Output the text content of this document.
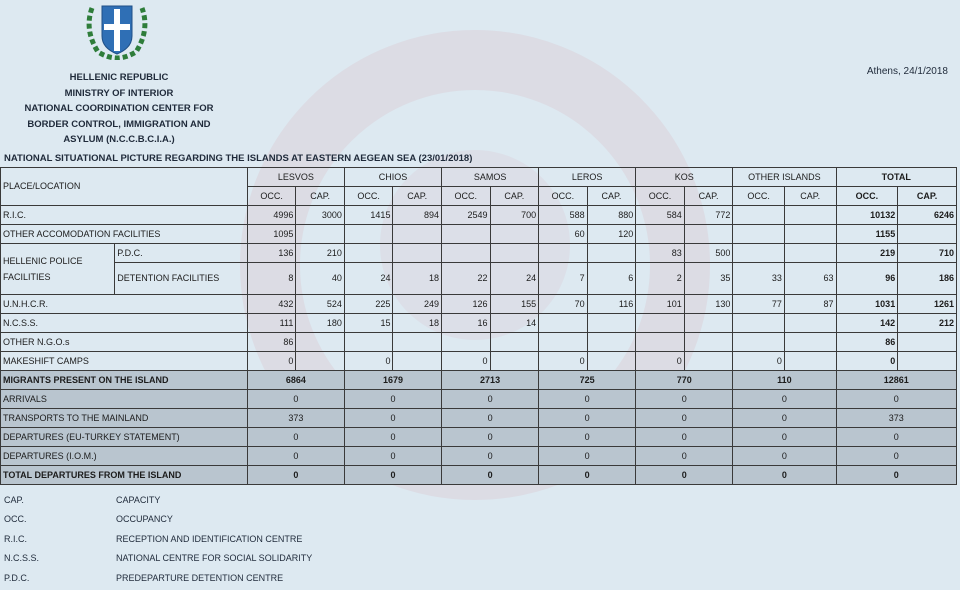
HELLENIC REPUBLIC
MINISTRY OF INTERIOR
NATIONAL COORDINATION CENTER FOR
BORDER CONTROL, IMMIGRATION AND
ASYLUM (N.C.C.B.C.I.A.)
Athens, 24/1/2018
NATIONAL SITUATIONAL PICTURE REGARDING THE ISLANDS AT EASTERN AEGEAN SEA (23/01/2018)
PLACE/LOCATION		LESVOS		CHIOS		SAMOS		LEROS		KOS		OTHER ISLANDS		TOTAL	
		OCC.	CAP.	OCC.	CAP.	OCC.	CAP.	OCC.	CAP.	OCC.	CAP.	OCC.	CAP.	OCC.	CAP.
R.I.C.		4996	3000	1415	894	2549	700	588	880	584	772			10132	6246
OTHER ACCOMODATION FACILITIES		1095						60	120					1155	
HELLENIC POLICE FACILITIES	P.D.C.	136	210							83	500			219	710
	DETENTION FACILITIES	8	40	24	18	22	24	7	6	2	35	33	63	96	186
U.N.H.C.R.		432	524	225	249	126	155	70	116	101	130	77	87	1031	1261
N.C.S.S.		111	180	15	18	16	14							142	212
OTHER N.G.O.s		86												86	
MAKESHIFT CAMPS		0		0		0		0		0		0		0	
MIGRANTS PRESENT ON THE ISLAND		6864		1679		2713		725		770		110		12861	
ARRIVALS		0		0		0		0		0		0		0	
TRANSPORTS TO THE MAINLAND		373		0		0		0		0		0		373	
DEPARTURES (EU-TURKEY STATEMENT)		0		0		0		0		0		0		0	
DEPARTURES (I.O.M.)		0		0		0		0		0		0		0	
TOTAL DEPARTURES FROM THE ISLAND		0		0		0		0		0		0		0	
CAP.	CAPACITY
OCC.	OCCUPANCY
R.I.C.	RECEPTION AND IDENTIFICATION CENTRE
N.C.S.S.	NATIONAL CENTRE FOR SOCIAL SOLIDARITY
P.D.C.	PREDEPARTURE DETENTION CENTRE
